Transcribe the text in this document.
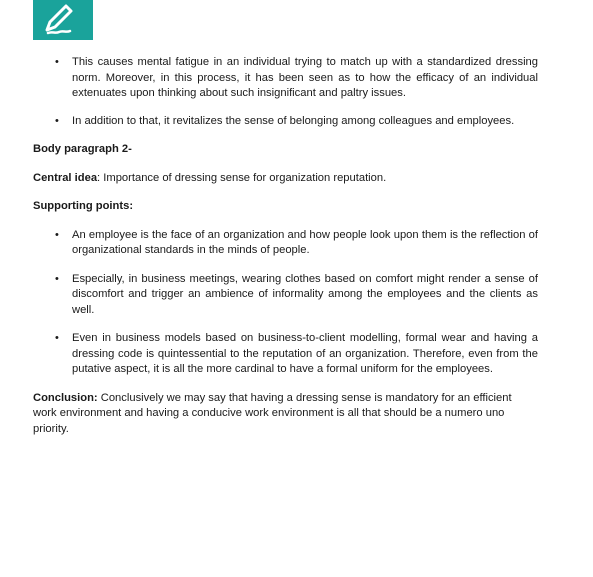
• This causes mental fatigue in an individual trying to match up with a standardized dressing norm. Moreover, in this process, it has been seen as to how the efficacy of an individual extenuates upon thinking about such insignificant and paltry issues.
• In addition to that, it revitalizes the sense of belonging among colleagues and employees.
Body paragraph 2-
Central idea: Importance of dressing sense for organization reputation.
Supporting points:
• An employee is the face of an organization and how people look upon them is the reflection of organizational standards in the minds of people.
• Especially, in business meetings, wearing clothes based on comfort might render a sense of discomfort and trigger an ambience of informality among the employees and the clients as well.
• Even in business models based on business-to-client modelling, formal wear and having a dressing code is quintessential to the reputation of an organization. Therefore, even from the putative aspect, it is all the more cardinal to have a formal uniform for the employees.
Conclusion: Conclusively we may say that having a dressing sense is mandatory for an efficient work environment and having a conducive work environment is all that should be a numero uno priority.
